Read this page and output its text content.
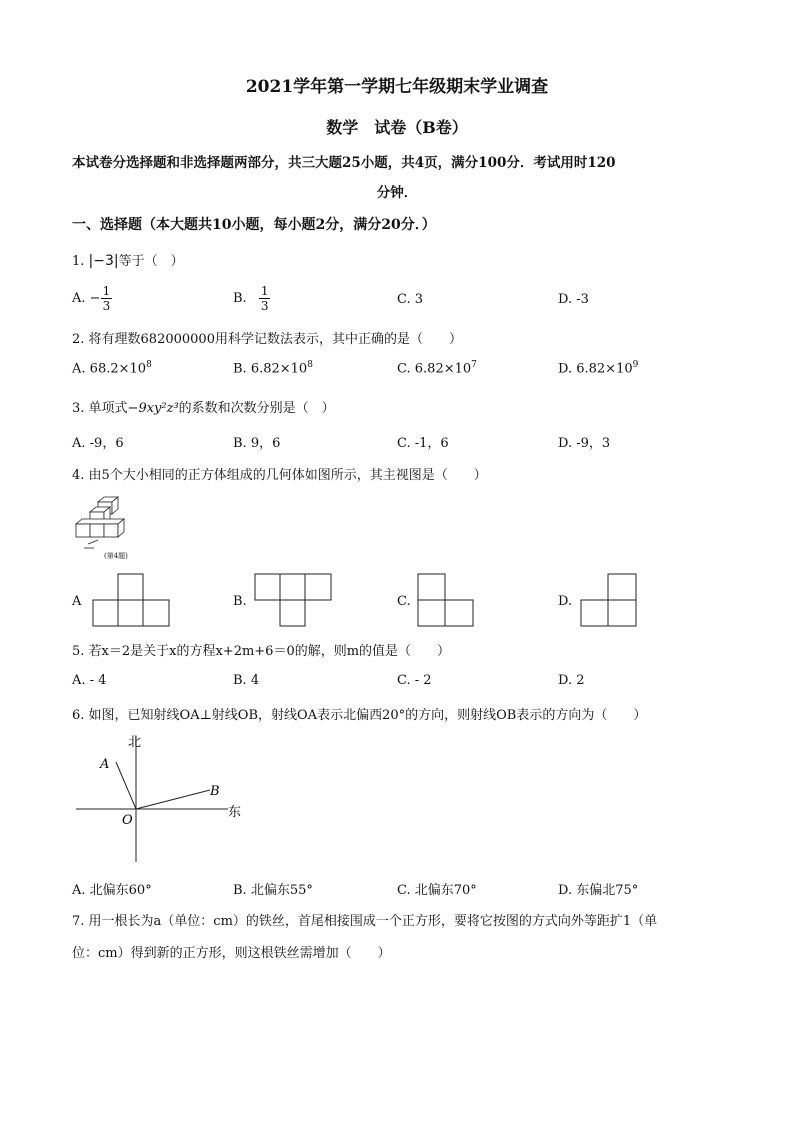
2021学年第一学期七年级期末学业调查
数学　试卷（B卷）
本试卷分选择题和非选择题两部分，共三大题25小题，共4页，满分100分．考试用时120
分钟．
一、选择题（本大题共10小题，每小题2分，满分20分．）
1. |−3|等于（　）
A. − $\frac{1}{3}$	B. $\frac{1}{3}$	C. 3	D. -3
2. 将有理数682000000用科学记数法表示，其中正确的是（　　）
A. $68.2\times 10^8$	B. $6.82\times 10^8$	C. $6.82\times 10^7$	D. $6.82\times 10^9$
3. 单项式−9xy²z³的系数和次数分别是（　）
A. -9，6	B. 9，6	C. -1，6	D. -9，3
4. 由5个大小相同的正方体组成的几何体如图所示，其主视图是（　　）
(第4题)
A	B.	C.	D.
5. 若x＝2是关于x的方程x+2m+6＝0的解，则m的值是（　　）
A. - 4	B. 4	C. - 2	D. 2
6. 如图，已知射线OA⊥射线OB，射线OA表示北偏西20°的方向，则射线OB表示的方向为（　　）
北
东
A
B
O
A. 北偏东60°	B. 北偏东55°	C. 北偏东70°	D. 东偏北75°
7. 用一根长为a（单位：cm）的铁丝，首尾相接围成一个正方形，要将它按图的方式向外等距扩1（单
位：cm）得到新的正方形，则这根铁丝需增加（　　）
